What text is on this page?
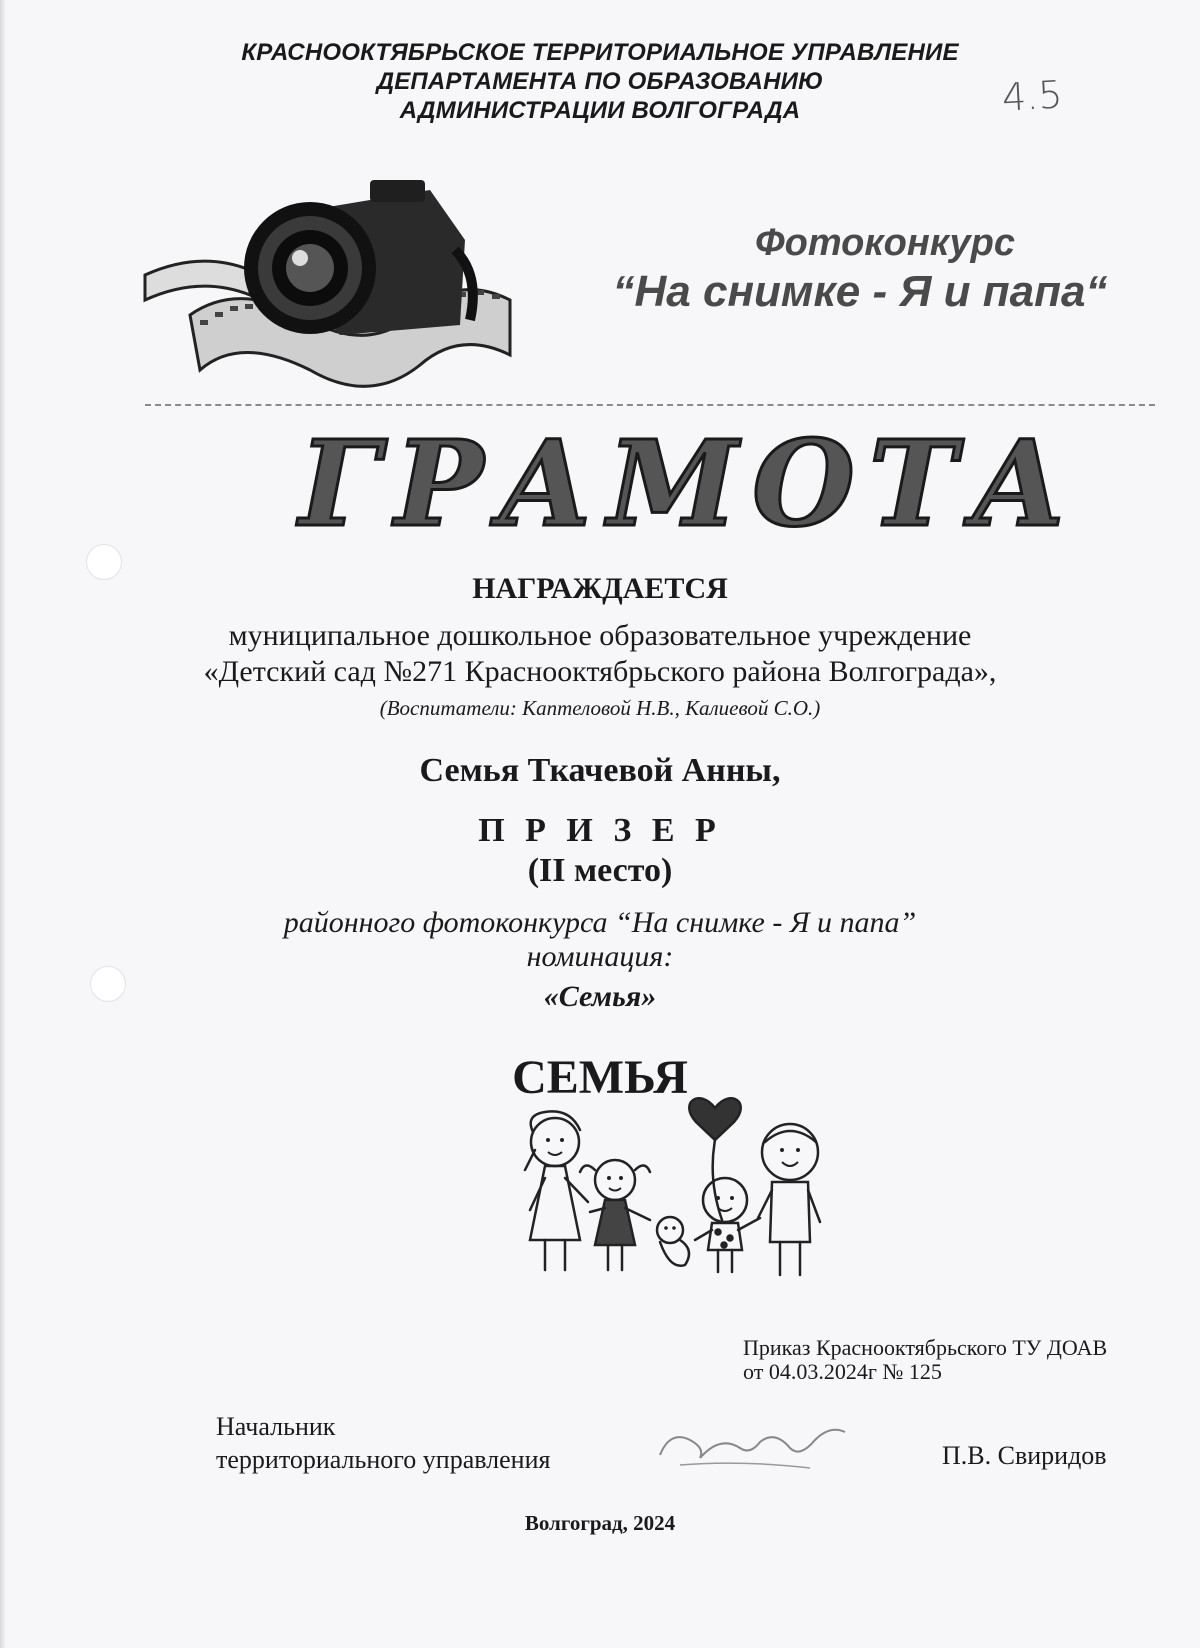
КРАСНООКТЯБРЬСКОЕ ТЕРРИТОРИАЛЬНОЕ УПРАВЛЕНИЕ
ДЕПАРТАМЕНТА ПО ОБРАЗОВАНИЮ
АДМИНИСТРАЦИИ ВОЛГОГРАДА	4.5
Фотоконкурс
“На снимке - Я и папа“
ГРАМОТА
НАГРАЖДАЕТСЯ
муниципальное дошкольное образовательное учреждение
«Детский сад №271 Краснооктябрьского района Волгограда»,
(Воспитатели: Каптеловой Н.В., Калиевой С.О.)
Семья Ткачевой Анны,
П Р И З Е Р
(II место)
районного фотоконкурса “На снимке - Я и папа”
номинация:
«Семья»
СЕМЬЯ
Приказ Краснооктябрьского ТУ ДОАВ
от 04.03.2024г № 125
Начальник
территориального управления	П.В. Свиридов
Волгоград, 2024
